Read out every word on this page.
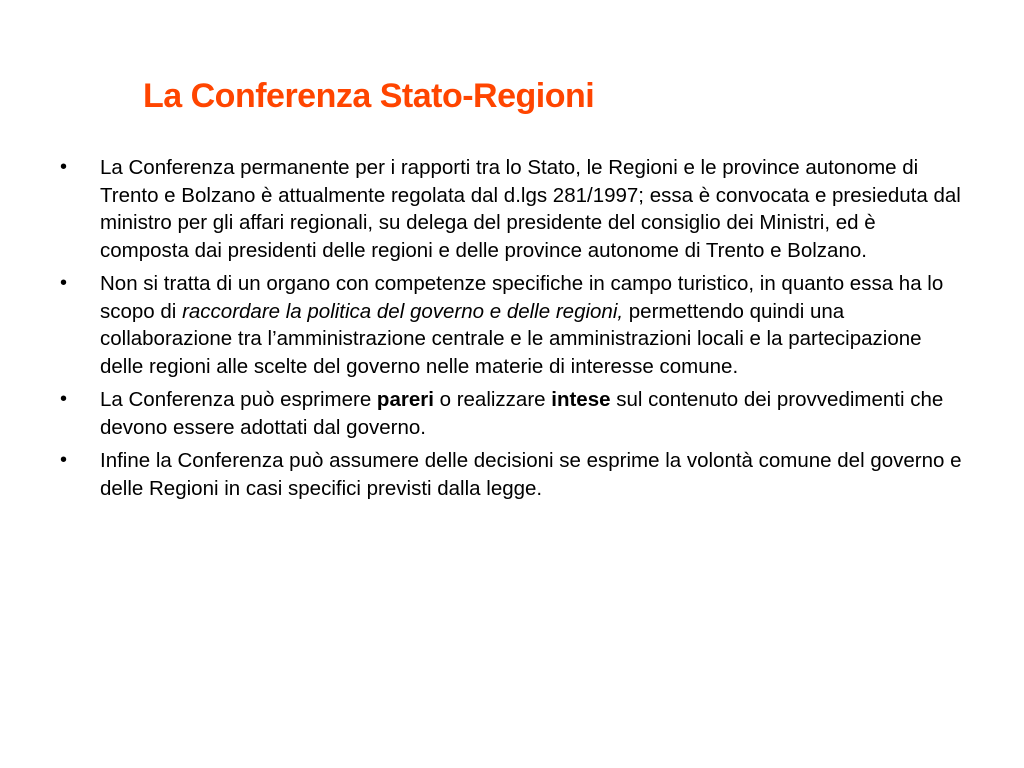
La Conferenza Stato-Regioni
•	La Conferenza permanente per i rapporti tra lo Stato, le Regioni e le province autonome di Trento e Bolzano è attualmente regolata dal d.lgs 281/1997; essa è convocata e presieduta dal ministro per gli affari regionali, su delega del presidente del consiglio dei Ministri, ed è composta dai presidenti delle regioni e delle province autonome di Trento e Bolzano.
•	Non si tratta di un organo con competenze specifiche in campo turistico, in quanto essa ha lo scopo di raccordare la politica del governo e delle regioni, permettendo quindi una collaborazione tra l’amministrazione centrale e le amministrazioni locali e la partecipazione delle regioni alle scelte del governo nelle materie di interesse comune.
•	La Conferenza può esprimere pareri o realizzare intese sul contenuto dei provvedimenti che devono essere adottati dal governo.
•	Infine la Conferenza può assumere delle decisioni se esprime la volontà comune del governo e delle Regioni in casi specifici previsti dalla legge.
